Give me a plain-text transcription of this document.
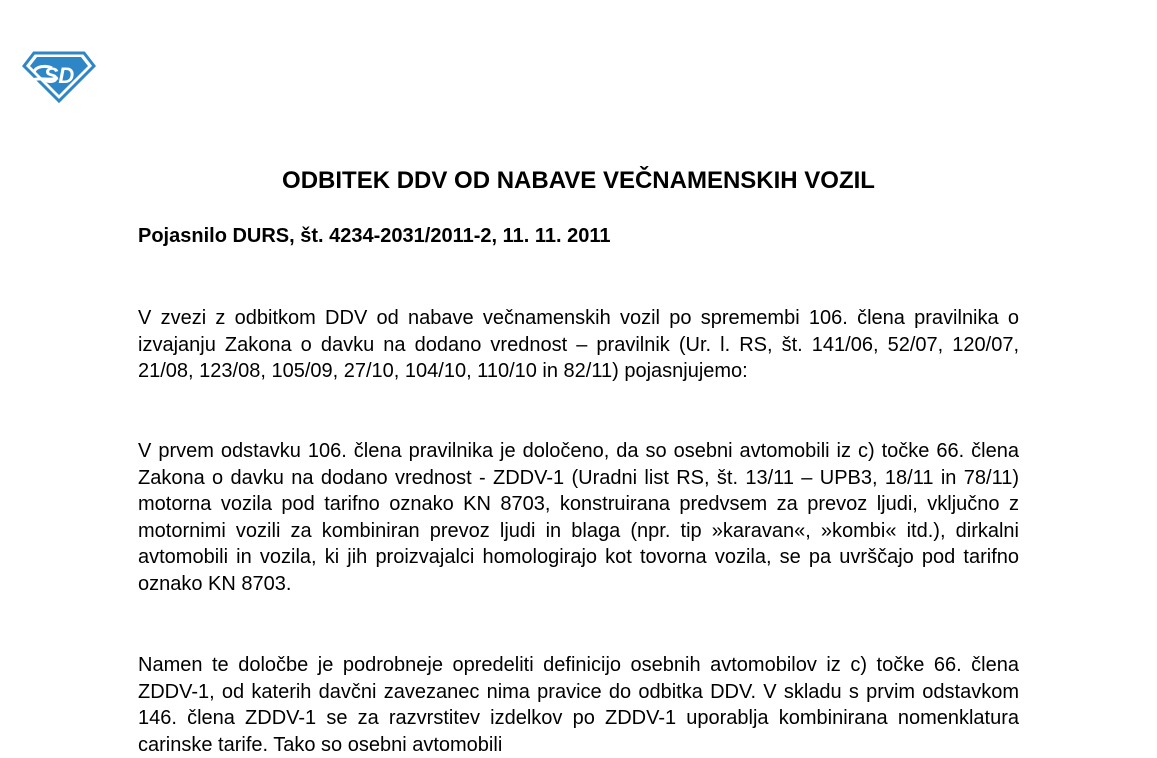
SD
ODBITEK DDV OD NABAVE VEČNAMENSKIH VOZIL

Pojasnilo DURS, št. 4234-2031/2011-2, 11. 11. 2011

V zvezi z odbitkom DDV od nabave večnamenskih vozil po spremembi 106. člena pravilnika o izvajanju Zakona o davku na dodano vrednost – pravilnik (Ur. l. RS, št. 141/06, 52/07, 120/07, 21/08, 123/08, 105/09, 27/10, 104/10, 110/10 in 82/11) pojasnjujemo:

V prvem odstavku 106. člena pravilnika je določeno, da so osebni avtomobili iz c) točke 66. člena Zakona o davku na dodano vrednost - ZDDV-1 (Uradni list RS, št. 13/11 – UPB3, 18/11 in 78/11) motorna vozila pod tarifno oznako KN 8703, konstruirana predvsem za prevoz ljudi, vključno z motornimi vozili za kombiniran prevoz ljudi in blaga (npr. tip »karavan«, »kombi« itd.), dirkalni avtomobili in vozila, ki jih proizvajalci homologirajo kot tovorna vozila, se pa uvrščajo pod tarifno oznako KN 8703.

Namen te določbe je podrobneje opredeliti definicijo osebnih avtomobilov iz c) točke 66. člena ZDDV-1, od katerih davčni zavezanec nima pravice do odbitka DDV. V skladu s prvim odstavkom 146. člena ZDDV-1 se za razvrstitev izdelkov po ZDDV-1 uporablja kombinirana nomenklatura carinske tarife. Tako so osebni avtomobili
